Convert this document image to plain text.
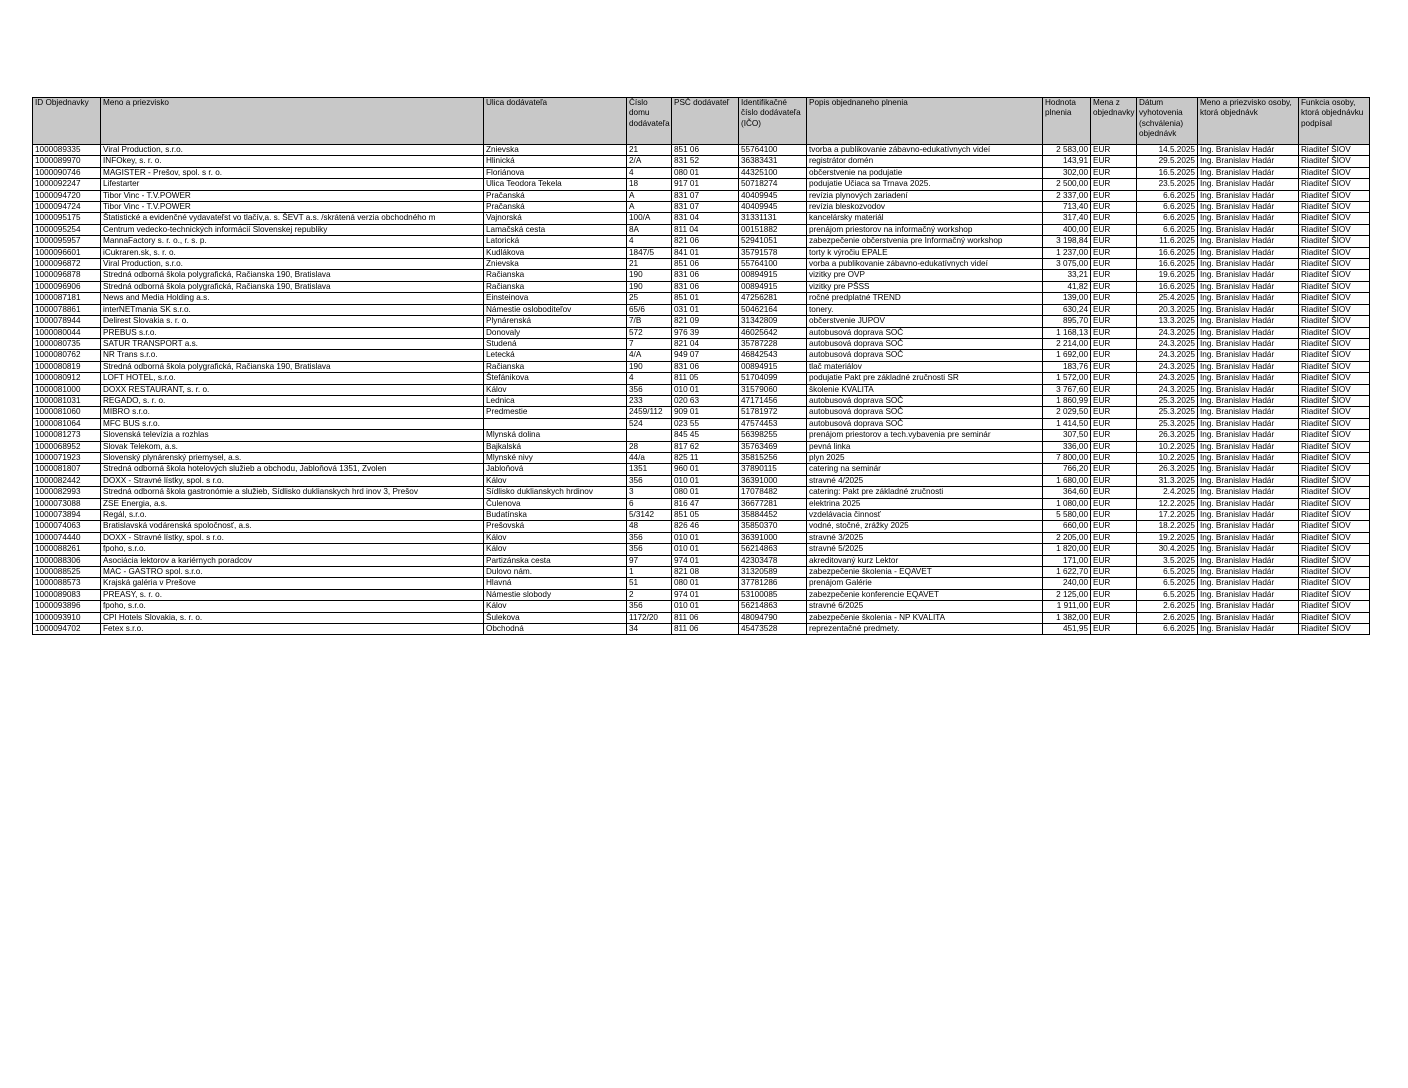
ID Objednavky	Meno a priezvisko	Ulica dodávateľa	Číslo domu dodávateľa	PSČ dodávateľ	Identifikačné číslo dodávateľa (IČO)	Popis objednaneho plnenia	Hodnota plnenia	Mena z objednavky	Dátum vyhotovenia (schválenia) objednávk	Meno a priezvisko osoby, ktorá objednávk	Funkcia osoby, ktorá objednávku podpísal
1000089335	Viral Production, s.r.o.	Znievska	21	851 06	55764100	tvorba a publikovanie zábavno-edukatívnych videí	2 583,00	EUR	14.5.2025	Ing. Branislav Hadár	Riaditeľ ŠIOV
1000089970	INFOkey, s. r. o.	Hlinická	2/A	831 52	36383431	registrátor domén	143,91	EUR	29.5.2025	Ing. Branislav Hadár	Riaditeľ ŠIOV
1000090746	MAGISTER - Prešov, spol. s r. o.	Floriánova	4	080 01	44325100	občerstvenie na podujatie	302,00	EUR	16.5.2025	Ing. Branislav Hadár	Riaditeľ ŠIOV
1000092247	Lifestarter	Ulica Teodora Tekela	18	917 01	50718274	podujatie Učiaca sa Trnava 2025.	2 500,00	EUR	23.5.2025	Ing. Branislav Hadár	Riaditeľ ŠIOV
1000094720	Tibor Vinc - T.V.POWER	Pračanská	A	831 07	40409945	revízia plynových zariadení	2 337,00	EUR	6.6.2025	Ing. Branislav Hadár	Riaditeľ ŠIOV
1000094724	Tibor Vinc - T.V.POWER	Pračanská	A	831 07	40409945	revízia bleskozvodov	713,40	EUR	6.6.2025	Ing. Branislav Hadár	Riaditeľ ŠIOV
1000095175	Štatistické a evidenčné vydavateľst vo tlačív,a. s. ŠEVT a.s. /skrátená verzia obchodného m	Vajnorská	100/A	831 04	31331131	kancelársky materiál	317,40	EUR	6.6.2025	Ing. Branislav Hadár	Riaditeľ ŠIOV
1000095254	Centrum vedecko-technických informácií Slovenskej republiky	Lamačská cesta	8A	811 04	00151882	prenájom priestorov na informačný workshop	400,00	EUR	6.6.2025	Ing. Branislav Hadár	Riaditeľ ŠIOV
1000095957	MannaFactory s. r. o., r. s. p.	Latorická	4	821 06	52941051	zabezpečenie občerstvenia pre Informačný workshop	3 198,84	EUR	11.6.2025	Ing. Branislav Hadár	Riaditeľ ŠIOV
1000096601	iCukraren.sk, s. r. o.	Kudlákova	1847/5	841 01	35791578	torty k výročiu EPALE	1 237,00	EUR	16.6.2025	Ing. Branislav Hadár	Riaditeľ ŠIOV
1000096872	Viral Production, s.r.o.	Znievska	21	851 06	55764100	vorba a publikovanie zábavno-edukatívnych videí	3 075,00	EUR	16.6.2025	Ing. Branislav Hadár	Riaditeľ ŠIOV
1000096878	Stredná odborná škola polygrafická, Račianska 190, Bratislava	Račianska	190	831 06	00894915	vizitky pre OVP	33,21	EUR	19.6.2025	Ing. Branislav Hadár	Riaditeľ ŠIOV
1000096906	Stredná odborná škola polygrafická, Račianska 190, Bratislava	Račianska	190	831 06	00894915	vizitky pre PŠSS	41,82	EUR	16.6.2025	Ing. Branislav Hadár	Riaditeľ ŠIOV
1000087181	News and Media Holding a.s.	Einsteinova	25	851 01	47256281	ročné predplatné TREND	139,00	EUR	25.4.2025	Ing. Branislav Hadár	Riaditeľ ŠIOV
1000078861	interNETmania SK s.r.o.	Námestie osloboditeľov	65/6	031 01	50462164	tonery.	630,24	EUR	20.3.2025	Ing. Branislav Hadár	Riaditeľ ŠIOV
1000078944	Delirest Slovakia s. r. o.	Plynárenská	7/B	821 09	31342809	občerstvenie JUPOV	895,70	EUR	13.3.2025	Ing. Branislav Hadár	Riaditeľ ŠIOV
1000080044	PREBUS s.r.o.	Donovaly	572	976 39	46025642	autobusová doprava SOČ	1 168,13	EUR	24.3.2025	Ing. Branislav Hadár	Riaditeľ ŠIOV
1000080735	SATUR TRANSPORT a.s.	Studená	7	821 04	35787228	autobusová doprava SOČ	2 214,00	EUR	24.3.2025	Ing. Branislav Hadár	Riaditeľ ŠIOV
1000080762	NR Trans s.r.o.	Letecká	4/A	949 07	46842543	autobusová doprava SOČ	1 692,00	EUR	24.3.2025	Ing. Branislav Hadár	Riaditeľ ŠIOV
1000080819	Stredná odborná škola polygrafická, Račianska 190, Bratislava	Račianska	190	831 06	00894915	tlač materiálov	183,76	EUR	24.3.2025	Ing. Branislav Hadár	Riaditeľ ŠIOV
1000080912	LOFT HOTEL, s.r.o.	Štefánikova	4	811 05	51704099	podujatie Pakt pre základné zručnosti SR	1 572,00	EUR	24.3.2025	Ing. Branislav Hadár	Riaditeľ ŠIOV
1000081000	DOXX RESTAURANT, s. r. o.	Kálov	356	010 01	31579060	školenie KVALITA	3 767,60	EUR	24.3.2025	Ing. Branislav Hadár	Riaditeľ ŠIOV
1000081031	REGADO, s. r. o.	Lednica	233	020 63	47171456	autobusová doprava SOČ	1 860,99	EUR	25.3.2025	Ing. Branislav Hadár	Riaditeľ ŠIOV
1000081060	MIBRO s.r.o.	Predmestie	2459/112	909 01	51781972	autobusová doprava SOČ	2 029,50	EUR	25.3.2025	Ing. Branislav Hadár	Riaditeľ ŠIOV
1000081064	MFC BUS s.r.o.		524	023 55	47574453	autobusová doprava SOČ	1 414,50	EUR	25.3.2025	Ing. Branislav Hadár	Riaditeľ ŠIOV
1000081273	Slovenská televízia a rozhlas	Mlynská dolina		845 45	56398255	prenájom priestorov a tech.vybavenia pre seminár	307,50	EUR	26.3.2025	Ing. Branislav Hadár	Riaditeľ ŠIOV
1000068952	Slovak Telekom, a.s.	Bajkalská	28	817 62	35763469	pevná linka	336,00	EUR	10.2.2025	Ing. Branislav Hadár	Riaditeľ ŠIOV
1000071923	Slovenský plynárenský priemysel, a.s.	Mlynské nivy	44/a	825 11	35815256	plyn 2025	7 800,00	EUR	10.2.2025	Ing. Branislav Hadár	Riaditeľ ŠIOV
1000081807	Stredná odborná škola hotelových služieb a obchodu, Jabloňová 1351, Zvolen	Jabloňová	1351	960 01	37890115	catering na seminár	766,20	EUR	26.3.2025	Ing. Branislav Hadár	Riaditeľ ŠIOV
1000082442	DOXX - Stravné lístky, spol. s r.o.	Kálov	356	010 01	36391000	stravné 4/2025	1 680,00	EUR	31.3.2025	Ing. Branislav Hadár	Riaditeľ ŠIOV
1000082993	Stredná odborná škola gastronómie a služieb, Sídlisko duklianskych hrd inov 3, Prešov	Sídlisko duklianskych hrdinov	3	080 01	17078482	catering: Pakt pre základné zručnosti	364,60	EUR	2.4.2025	Ing. Branislav Hadár	Riaditeľ ŠIOV
1000073088	ZSE Energia, a.s.	Čulenova	6	816 47	36677281	elektrina 2025	1 080,00	EUR	12.2.2025	Ing. Branislav Hadár	Riaditeľ ŠIOV
1000073894	Regál, s.r.o.	Budatínska	5/3142	851 05	35884452	vzdelávacia činnosť	5 580,00	EUR	17.2.2025	Ing. Branislav Hadár	Riaditeľ ŠIOV
1000074063	Bratislavská vodárenská spoločnosť, a.s.	Prešovská	48	826 46	35850370	vodné, stočné, zrážky 2025	660,00	EUR	18.2.2025	Ing. Branislav Hadár	Riaditeľ ŠIOV
1000074440	DOXX - Stravné lístky, spol. s r.o.	Kálov	356	010 01	36391000	stravné 3/2025	2 205,00	EUR	19.2.2025	Ing. Branislav Hadár	Riaditeľ ŠIOV
1000088261	fpoho, s.r.o.	Kálov	356	010 01	56214863	stravné 5/2025	1 820,00	EUR	30.4.2025	Ing. Branislav Hadár	Riaditeľ ŠIOV
1000088306	Asociácia lektorov a kariérnych poradcov	Partizánska cesta	97	974 01	42303478	akreditovaný kurz Lektor	171,00	EUR	3.5.2025	Ing. Branislav Hadár	Riaditeľ ŠIOV
1000088525	MAC - GASTRO spol. s.r.o.	Dulovo nám.	1	821 08	31320589	zabezpečenie školenia - EQAVET	1 622,70	EUR	6.5.2025	Ing. Branislav Hadár	Riaditeľ ŠIOV
1000088573	Krajská galéria v Prešove	Hlavná	51	080 01	37781286	prenájom Galérie	240,00	EUR	6.5.2025	Ing. Branislav Hadár	Riaditeľ ŠIOV
1000089083	PREASY, s. r. o.	Námestie slobody	2	974 01	53100085	zabezpečenie konferencie EQAVET	2 125,00	EUR	6.5.2025	Ing. Branislav Hadár	Riaditeľ ŠIOV
1000093896	fpoho, s.r.o.	Kálov	356	010 01	56214863	stravné 6/2025	1 911,00	EUR	2.6.2025	Ing. Branislav Hadár	Riaditeľ ŠIOV
1000093910	CPI Hotels Slovakia, s. r. o.	Šulekova	1172/20	811 06	48094790	zabezpečenie školenia - NP KVALITA	1 382,00	EUR	2.6.2025	Ing. Branislav Hadár	Riaditeľ ŠIOV
1000094702	Fetex s.r.o.	Obchodná	34	811 06	45473528	reprezentačné predmety.	451,95	EUR	6.6.2025	Ing. Branislav Hadár	Riaditeľ ŠIOV
